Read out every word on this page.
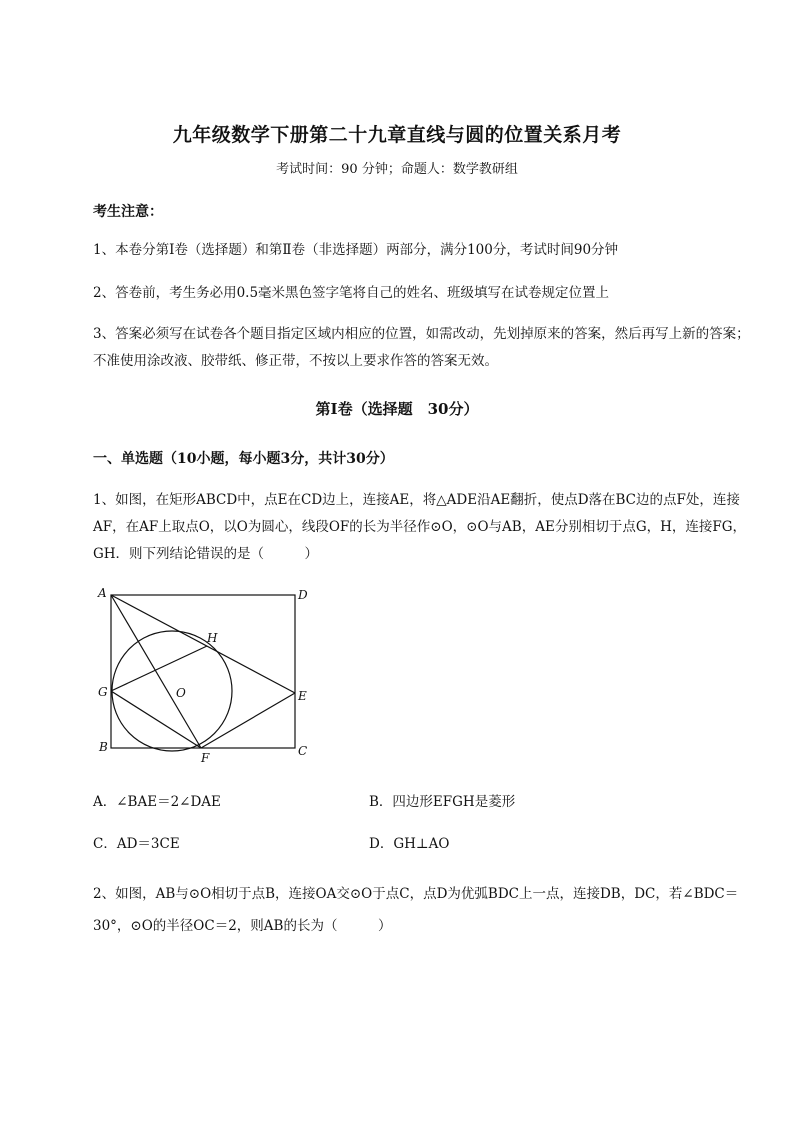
九年级数学下册第二十九章直线与圆的位置关系月考
考试时间：90 分钟；命题人：数学教研组
考生注意：
1、本卷分第Ⅰ卷（选择题）和第Ⅱ卷（非选择题）两部分，满分100分，考试时间90分钟
2、答卷前，考生务必用0.5毫米黑色签字笔将自己的姓名、班级填写在试卷规定位置上
3、答案必须写在试卷各个题目指定区域内相应的位置，如需改动，先划掉原来的答案，然后再写上新的答案；不准使用涂改液、胶带纸、修正带，不按以上要求作答的答案无效。
第Ⅰ卷（选择题　30分）
一、单选题（10小题，每小题3分，共计30分）
1、如图，在矩形ABCD中，点E在CD边上，连接AE，将△ADE沿AE翻折，使点D落在BC边的点F处，连接AF，在AF上取点O，以O为圆心，线段OF的长为半径作⊙O，⊙O与AB，AE分别相切于点G，H，连接FG，GH．则下列结论错误的是（　　　）
A	D
H
G	O	E
B
F	C
A．∠BAE＝2∠DAE	B．四边形EFGH是菱形
C．AD＝3CE	D．GH⊥AO
2、如图，AB与⊙O相切于点B，连接OA交⊙O于点C，点D为优弧BDC上一点，连接DB，DC，若∠BDC＝30°，⊙O的半径OC＝2，则AB的长为（　　　）
